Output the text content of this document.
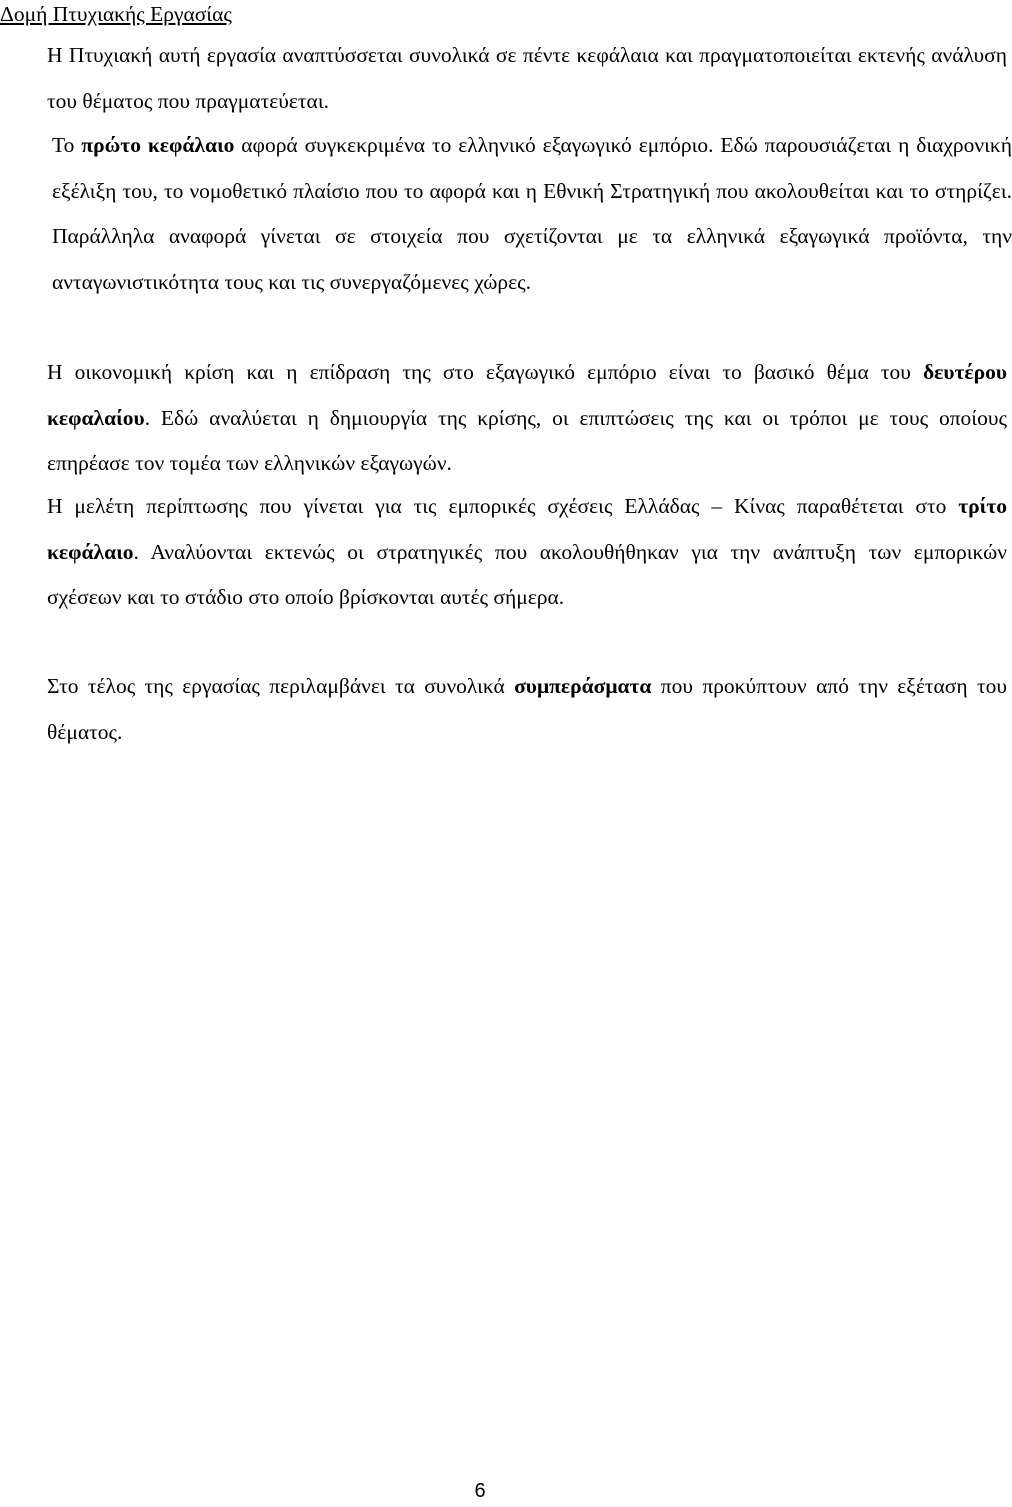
Δομή Πτυχιακής Εργασίας

Η Πτυχιακή αυτή εργασία αναπτύσσεται συνολικά σε πέντε κεφάλαια και πραγματοποιείται εκτενής ανάλυση του θέματος που πραγματεύεται.

Το πρώτο κεφάλαιο αφορά συγκεκριμένα το ελληνικό εξαγωγικό εμπόριο. Εδώ παρουσιάζεται η διαχρονική εξέλιξη του, το νομοθετικό πλαίσιο που το αφορά και η Εθνική Στρατηγική που ακολουθείται και το στηρίζει. Παράλληλα αναφορά γίνεται σε στοιχεία που σχετίζονται με τα ελληνικά εξαγωγικά προϊόντα, την ανταγωνιστικότητα τους και τις συνεργαζόμενες χώρες.

Η οικονομική κρίση και η επίδραση της στο εξαγωγικό εμπόριο είναι το βασικό θέμα του δευτέρου κεφαλαίου. Εδώ αναλύεται η δημιουργία της κρίσης, οι επιπτώσεις της και οι τρόποι με τους οποίους επηρέασε τον τομέα των ελληνικών εξαγωγών.

Η μελέτη περίπτωσης που γίνεται για τις εμπορικές σχέσεις Ελλάδας – Κίνας παραθέτεται στο τρίτο κεφάλαιο. Αναλύονται εκτενώς οι στρατηγικές που ακολουθήθηκαν για την ανάπτυξη των εμπορικών σχέσεων και το στάδιο στο οποίο βρίσκονται αυτές σήμερα.

Στο τέλος της εργασίας περιλαμβάνει τα συνολικά συμπεράσματα που προκύπτουν από την εξέταση του θέματος.

6
